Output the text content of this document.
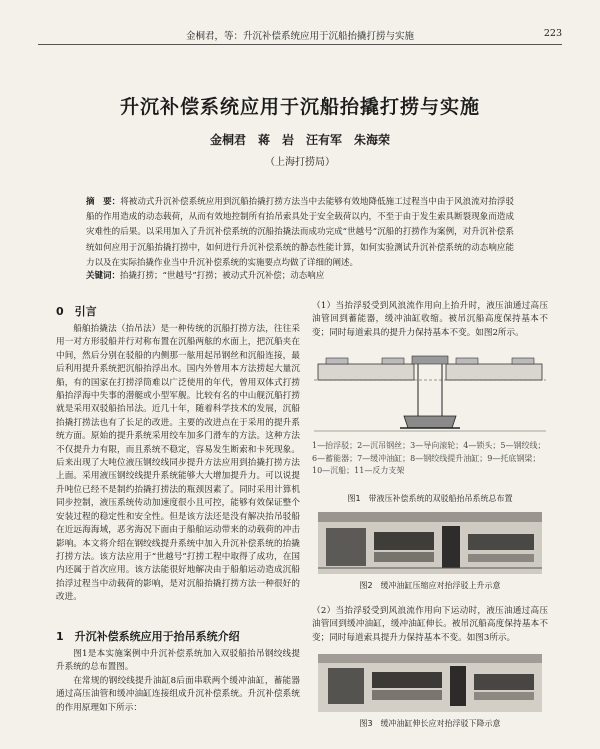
金桐君，等：升沉补偿系统应用于沉船抬撬打捞与实施	223
升沉补偿系统应用于沉船抬撬打捞与实施
金桐君　蒋　岩　汪有军　朱海荣
（上海打捞局）
摘　要：将被动式升沉补偿系统应用到沉船抬撬打捞方法当中去能够有效地降低施工过程当中由于风浪流对抬浮驳船的作用造成的动态载荷，从而有效地控制所有抬吊索具处于安全载荷以内，不至于由于发生索具断裂现象而造成灾难性的后果。以采用加入了升沉补偿系统的沉船抬撬法而成功完成“世越号”沉船的打捞作为案例，对升沉补偿系统如何应用于沉船抬撬打捞中，如何进行升沉补偿系统的静态性能计算，如何实验测试升沉补偿系统的动态响应能力以及在实际抬撬作业当中升沉补偿系统的实施要点均做了详细的阐述。
关键词：抬撬打捞；“世越号”打捞；被动式升沉补偿；动态响应
0　引言

船舶抬撬法（抬吊法）是一种传统的沉船打捞方法，往往采用一对方形驳船并行对称布置在沉船两舷的水面上，把沉船夹在中间，然后分别在驳船的内侧那一舷用起吊钢丝和沉船连接，最后利用提升系统把沉船抬浮出水。国内外曾用本方法捞起大量沉船，有的国家在打捞浮筒难以广泛使用的年代，曾用双体式打捞船抬浮海中失事的潜艇或小型军舰。比较有名的中山舰沉船打捞就是采用双驳船抬吊法。近几十年，随着科学技术的发展，沉船抬撬打捞法也有了长足的改进。主要的改进点在于采用的提升系统方面。原始的提升系统采用绞车加多门滑车的方法。这种方法不仅提升力有限，而且系统不稳定，容易发生断索和卡死现象。后来出现了大吨位液压钢绞线同步提升方法应用到抬撬打捞方法上面。采用液压钢绞线提升系统能够大大增加提升力。可以说提升吨位已经不是制约抬撬打捞法的瓶颈因素了。同时采用计算机同步控制，液压系统传动加速度很小且可控，能够有效保证整个安装过程的稳定性和安全性。但是该方法还是没有解决抬吊驳船在近远海海域，恶劣海况下面由于船舶运动带来的动载荷的冲击影响。本文将介绍在钢绞线提升系统中加入升沉补偿系统的抬撬打捞方法。该方法应用于“世越号”打捞工程中取得了成功，在国内还属于首次应用。该方法能很好地解决由于船舶运动造成沉船抬浮过程当中动载荷的影响，是对沉船抬撬打捞方法一种很好的改进。

1　升沉补偿系统应用于抬吊系统介绍

图1是本实施案例中升沉补偿系统加入双驳船抬吊钢绞线提升系统的总布置图。

在常规的钢绞线提升油缸8后面串联两个缓冲油缸，蓄能器通过高压油管和缓冲油缸连接组成升沉补偿系统。升沉补偿系统的作用原理如下所示：

（1）当抬浮驳受到风浪流作用向上抬升时，液压油通过高压油管回到蓄能器，缓冲油缸收缩。被吊沉船高度保持基本不变；同时每道索具的提升力保持基本不变。如图2所示。
1—抬浮驳；2—沉吊钢丝；3—导向滚轮；4—锁头；5—钢绞线；6—蓄能器；7—缓冲油缸；8—钢绞线提升油缸；9—托底钢梁；10—沉船；11—反力支架
图1　带液压补偿系统的双驳船抬吊系统总布置
图2　缓冲油缸压缩应对抬浮驳上升示意
（2）当抬浮驳受到风浪流作用向下运动时，液压油通过高压油管回到缓冲油缸，缓冲油缸伸长。被吊沉船高度保持基本不变；同时每道索具提升力保持基本不变。如图3所示。
图3　缓冲油缸伸长应对抬浮驳下降示意
